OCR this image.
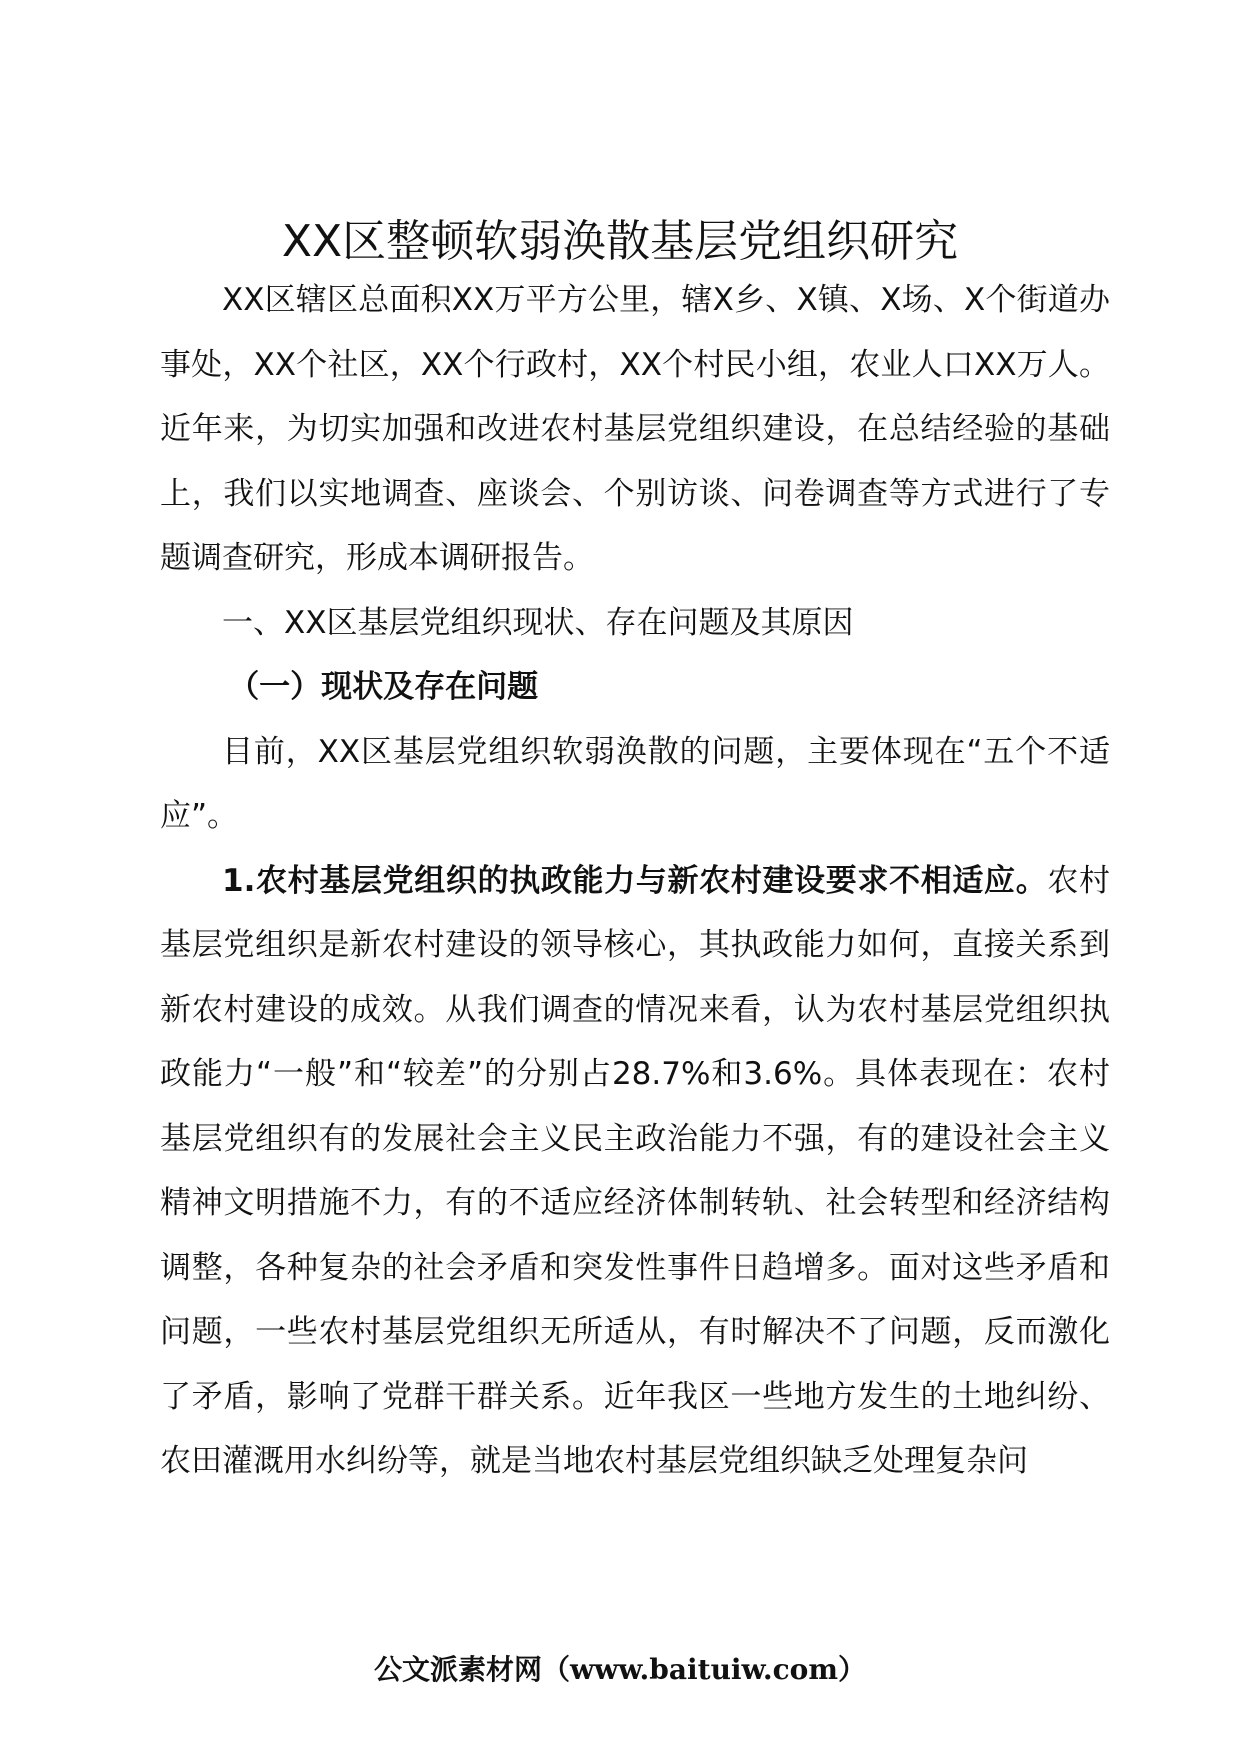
XX区整顿软弱涣散基层党组织研究

XX区辖区总面积XX万平方公里，辖X乡、X镇、X场、X个街道办事处，XX个社区，XX个行政村，XX个村民小组，农业人口XX万人。近年来，为切实加强和改进农村基层党组织建设，在总结经验的基础上，我们以实地调查、座谈会、个别访谈、问卷调查等方式进行了专题调查研究，形成本调研报告。

一、XX区基层党组织现状、存在问题及其原因

（一）现状及存在问题

目前，XX区基层党组织软弱涣散的问题，主要体现在“五个不适应”。

1.农村基层党组织的执政能力与新农村建设要求不相适应。农村基层党组织是新农村建设的领导核心，其执政能力如何，直接关系到新农村建设的成效。从我们调查的情况来看，认为农村基层党组织执政能力“一般”和“较差”的分别占28.7%和3.6%。具体表现在：农村基层党组织有的发展社会主义民主政治能力不强，有的建设社会主义精神文明措施不力，有的不适应经济体制转轨、社会转型和经济结构调整，各种复杂的社会矛盾和突发性事件日趋增多。面对这些矛盾和问题，一些农村基层党组织无所适从，有时解决不了问题，反而激化了矛盾，影响了党群干群关系。近年我区一些地方发生的土地纠纷、农田灌溉用水纠纷等，就是当地农村基层党组织缺乏处理复杂问

公文派素材网（www.baituiw.com）
